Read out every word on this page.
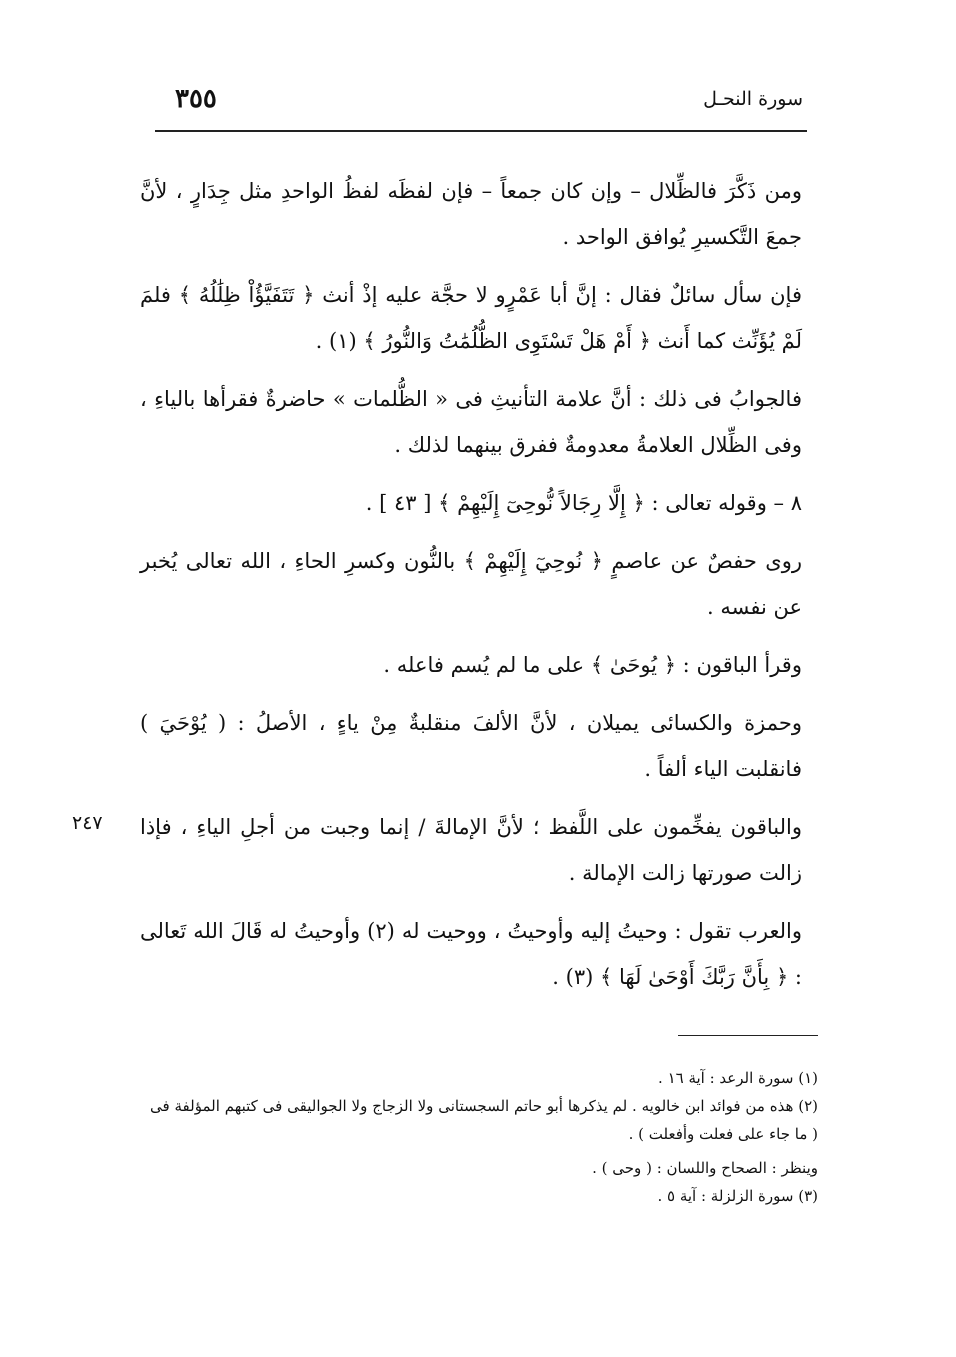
٣٥٥	سورة النحـل

ومن ذَكَّرَ فالظِّلال – وإن كان جمعاً – فإن لفظَه لفظُ الواحدِ مثل جِدَارٍ ، لأنَّ جمعَ التَّكسيرِ يُوافق الواحد .

فإن سأل سائلٌ فقال : إنَّ أبا عَمْرٍو لا حجَّة عليه إذْ أنث ﴿ تَتَفَيَّؤُاْ ظِلَٰلُهُ ﴾ فلمَ لَمْ يُؤَنِّث كما أَنث ﴿ أَمْ هَلْ تَسْتَوِى الظُّلُمَٰتُ وَالنُّورُ ﴾ (١) .

فالجوابُ فى ذلك : أنَّ علامة التأنيثِ فى « الظُّلمات » حاضرةٌ فقرأها بالياءِ ، وفى الظِّلال العلامةُ معدومةٌ ففرق بينهما لذلك .

٨ – وقوله تعالى : ﴿ إِلَّا رِجَالاً نُّوحِىٓ إِلَيْهِمْ ﴾ [ ٤٣ ] .

روى حفصٌ عن عاصمٍ ﴿ نُوحِيٓ إِلَيْهِمْ ﴾ بالنُّون وكسرِ الحاءِ ، الله تعالى يُخبر عن نفسه .

وقرأ الباقون : ﴿ يُوحَىٰ ﴾ على ما لم يُسم فاعله .

وحمزة والكسائى يميلان ، لأنَّ الألفَ منقلبةٌ مِنْ ياءٍ ، الأصلُ : ( يُوْحَيَ ) فانقلبت الياء ألفاً .

والباقون يفخِّمون على اللَّفظ ؛ لأنَّ الإمالةَ / إنما وجبت من أجلِ الياءِ ، فإذا زالت صورتها زالت الإمالة .

والعرب تقول : وحيتُ إليه وأوحيتُ ، ووحيت له (٢) وأوحيتُ له قَالَ الله تَعالى : ﴿ بِأَنَّ رَبَّكَ أَوْحَىٰ لَهَا ﴾ (٣) .

٢٤٧

(١) سورة الرعد : آية ١٦ .

(٢) هذه من فوائد ابن خالويه . لم يذكرها أبو حاتم السجستانى ولا الزجاج ولا الجواليقى فى كتبهم المؤلفة فى ( ما جاء على فعلت وأفعلت ) .

وينظر : الصحاح واللسان : ( وحى ) .

(٣) سورة الزلزلة : آية ٥ .
